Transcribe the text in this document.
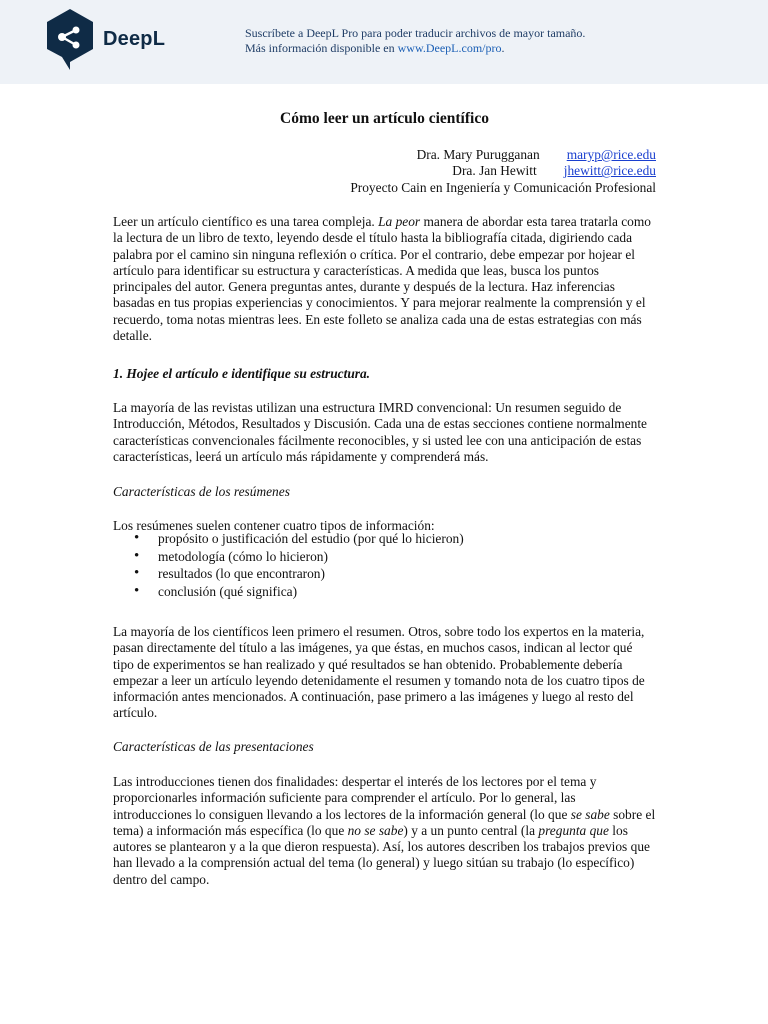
DeepL	Suscríbete a DeepL Pro para poder traducir archivos de mayor tamaño.
Más información disponible en www.DeepL.com/pro.
Cómo leer un artículo científico
Dra. Mary Purugganan maryp@rice.edu
Dra. Jan Hewitt jhewitt@rice.edu
Proyecto Cain en Ingeniería y Comunicación Profesional

Leer un artículo científico es una tarea compleja. La peor manera de abordar esta tarea tratarla como la lectura de un libro de texto, leyendo desde el título hasta la bibliografía citada, digiriendo cada palabra por el camino sin ninguna reflexión o crítica. Por el contrario, debe empezar por hojear el artículo para identificar su estructura y características. A medida que leas, busca los puntos principales del autor. Genera preguntas antes, durante y después de la lectura. Haz inferencias basadas en tus propias experiencias y conocimientos. Y para mejorar realmente la comprensión y el recuerdo, toma notas mientras lees. En este folleto se analiza cada una de estas estrategias con más detalle.

1. Hojee el artículo e identifique su estructura.

La mayoría de las revistas utilizan una estructura IMRD convencional: Un resumen seguido de Introducción, Métodos, Resultados y Discusión. Cada una de estas secciones contiene normalmente características convencionales fácilmente reconocibles, y si usted lee con una anticipación de estas características, leerá un artículo más rápidamente y comprenderá más.

Características de los resúmenes
Los resúmenes suelen contener cuatro tipos de información:
• propósito o justificación del estudio (por qué lo hicieron)
• metodología (cómo lo hicieron)
• resultados (lo que encontraron)
• conclusión (qué significa)

La mayoría de los científicos leen primero el resumen. Otros, sobre todo los expertos en la materia, pasan directamente del título a las imágenes, ya que éstas, en muchos casos, indican al lector qué tipo de experimentos se han realizado y qué resultados se han obtenido. Probablemente debería empezar a leer un artículo leyendo detenidamente el resumen y tomando nota de los cuatro tipos de información antes mencionados. A continuación, pase primero a las imágenes y luego al resto del artículo.

Características de las presentaciones

Las introducciones tienen dos finalidades: despertar el interés de los lectores por el tema y proporcionarles información suficiente para comprender el artículo. Por lo general, las introducciones lo consiguen llevando a los lectores de la información general (lo que se sabe sobre el tema) a información más específica (lo que no se sabe) y a un punto central (la pregunta que los autores se plantearon y a la que dieron respuesta). Así, los autores describen los trabajos previos que han llevado a la comprensión actual del tema (lo general) y luego sitúan su trabajo (lo específico) dentro del campo.
